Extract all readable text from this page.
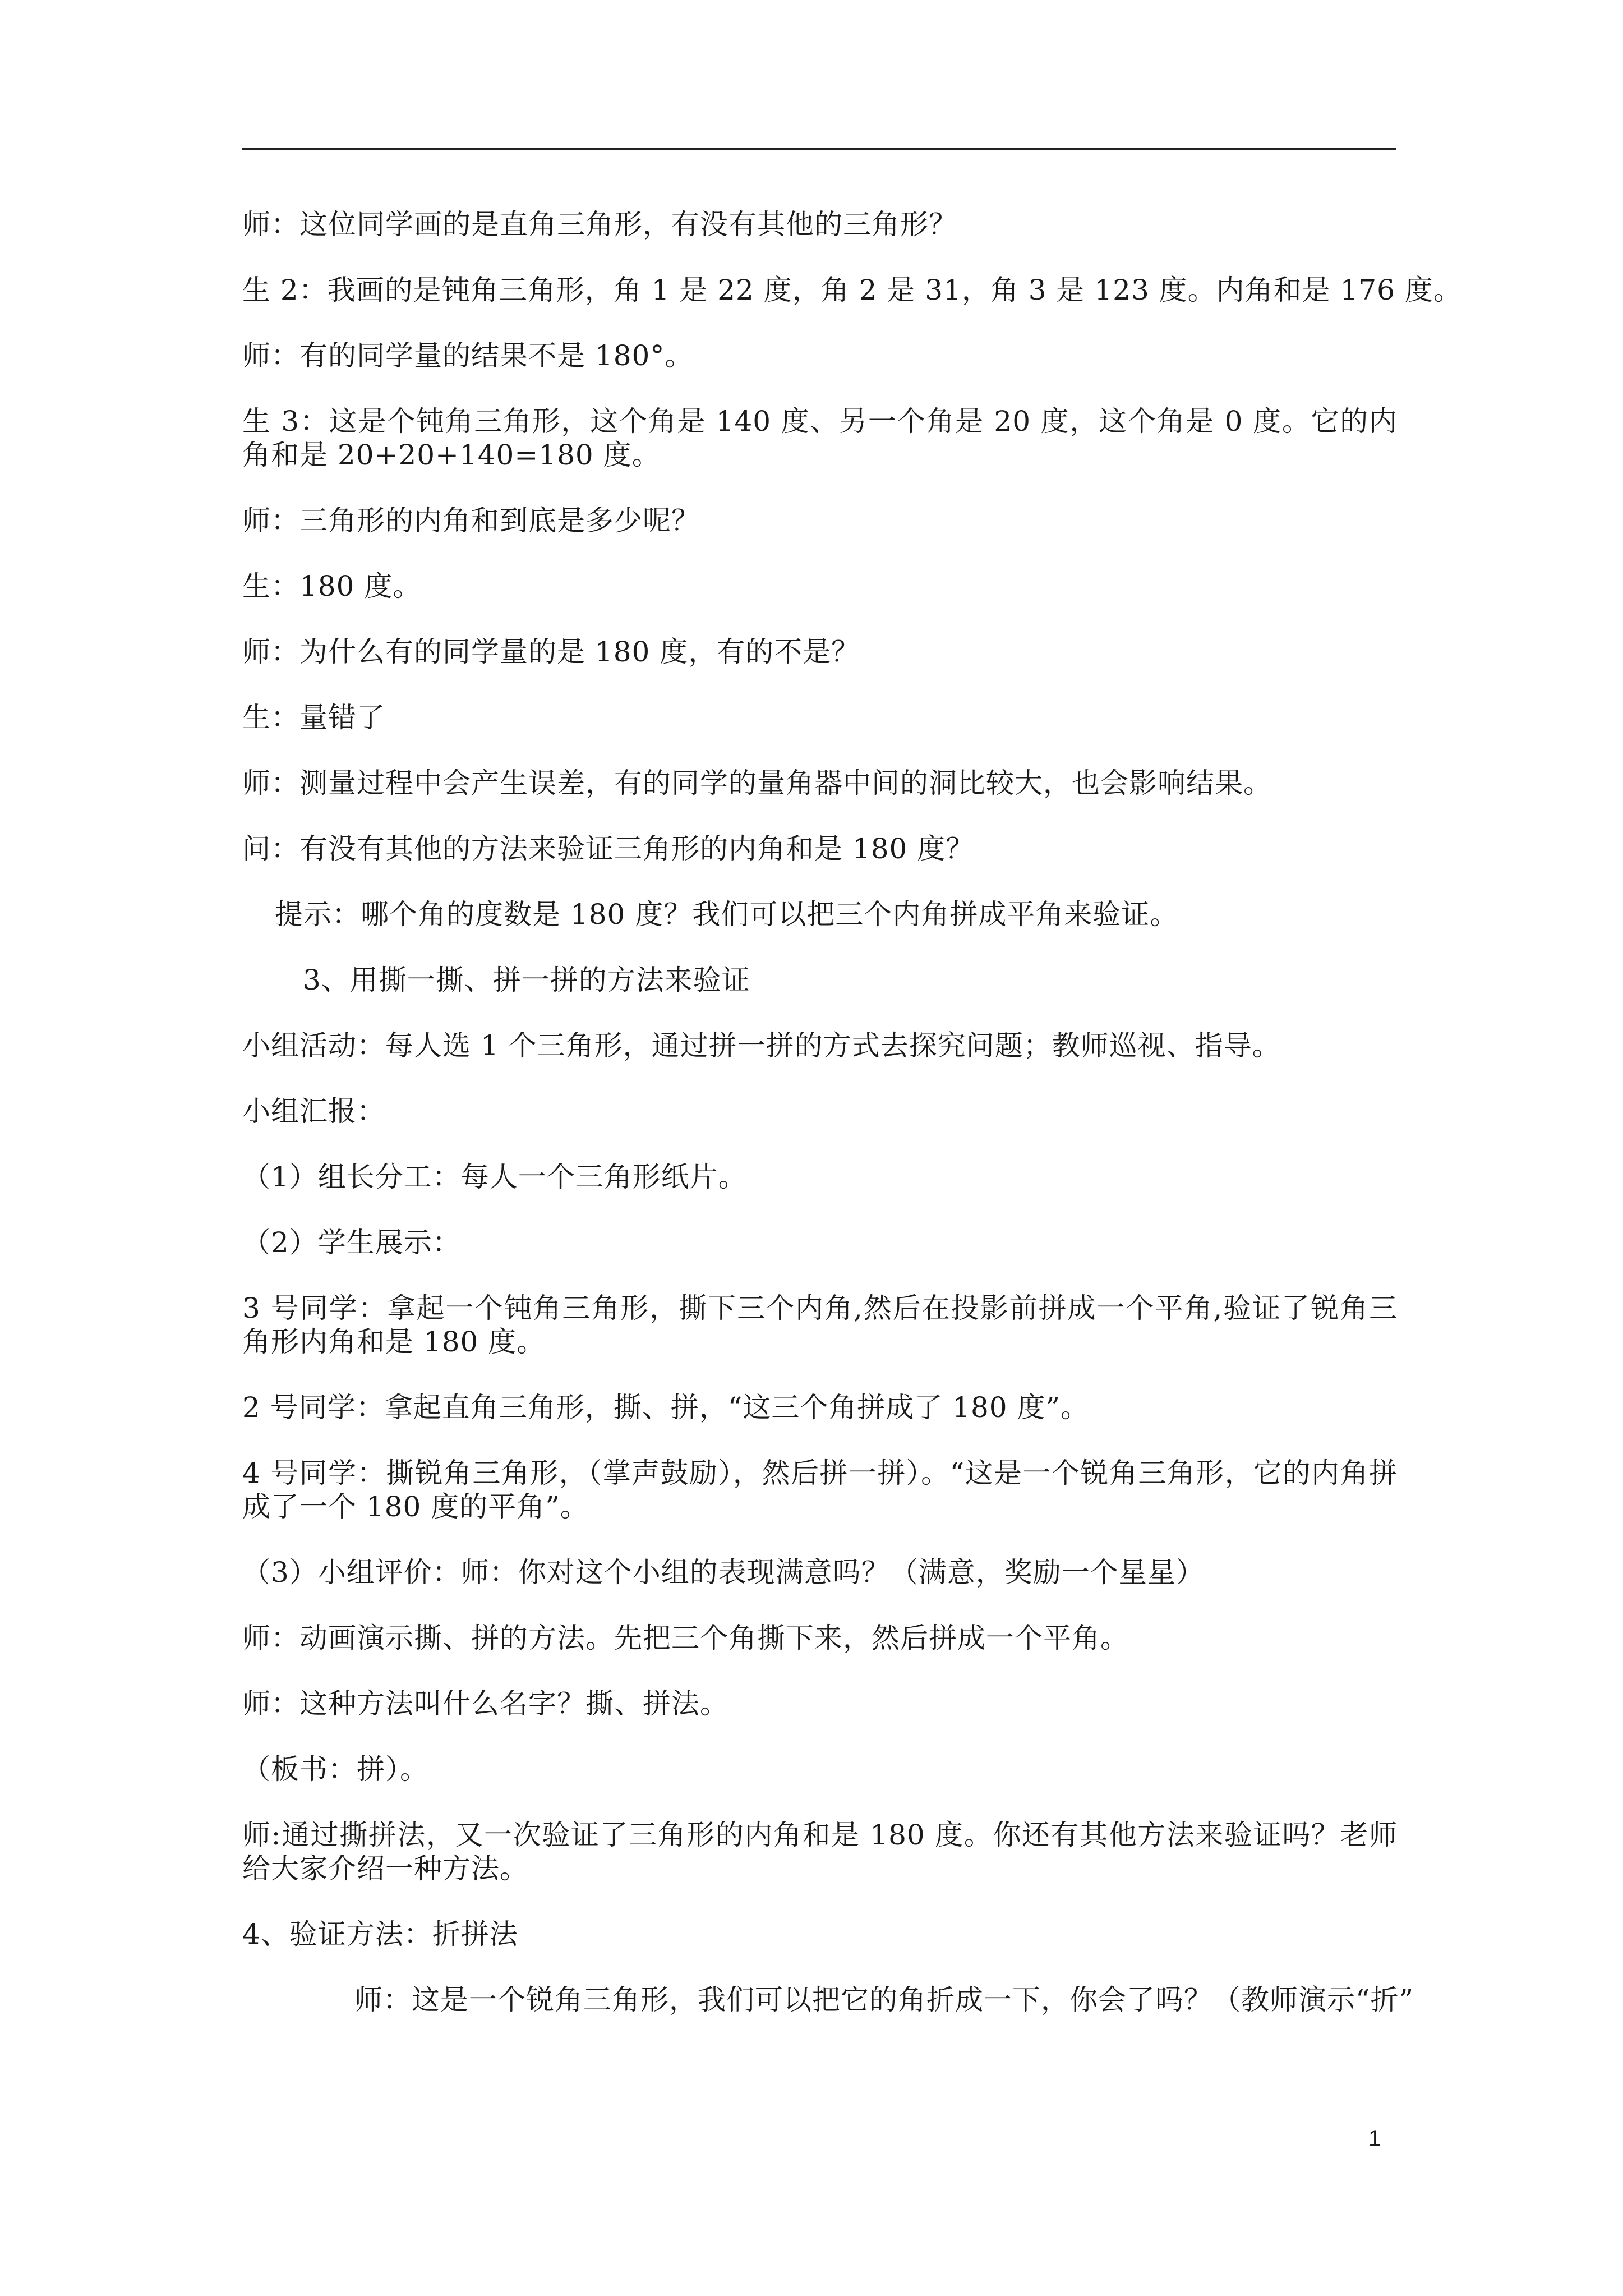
师：这位同学画的是直角三角形，有没有其他的三角形？

生 2：我画的是钝角三角形，角 1 是 22 度，角 2 是 31，角 3 是 123 度。内角和是 176 度。

师：有的同学量的结果不是 180°。

生 3：这是个钝角三角形，这个角是 140 度、另一个角是 20 度，这个角是 0 度。它的内角和是 20+20+140=180 度。

师：三角形的内角和到底是多少呢？

生：180 度。

师：为什么有的同学量的是 180 度，有的不是？

生：量错了

师：测量过程中会产生误差，有的同学的量角器中间的洞比较大，也会影响结果。

问：有没有其他的方法来验证三角形的内角和是 180 度？

提示：哪个角的度数是 180 度？我们可以把三个内角拼成平角来验证。

3、用撕一撕、拼一拼的方法来验证

小组活动：每人选 1 个三角形，通过拼一拼的方式去探究问题；教师巡视、指导。

小组汇报：

（1）组长分工：每人一个三角形纸片。

（2）学生展示：

3 号同学：拿起一个钝角三角形，撕下三个内角,然后在投影前拼成一个平角,验证了锐角三角形内角和是 180 度。

2 号同学：拿起直角三角形，撕、拼，“这三个角拼成了 180 度”。

4 号同学：撕锐角三角形，（掌声鼓励），然后拼一拼）。“这是一个锐角三角形，它的内角拼成了一个 180 度的平角”。

（3）小组评价：师：你对这个小组的表现满意吗？（满意，奖励一个星星）

师：动画演示撕、拼的方法。先把三个角撕下来，然后拼成一个平角。

师：这种方法叫什么名字？撕、拼法。

（板书：拼）。

师:通过撕拼法，又一次验证了三角形的内角和是 180 度。你还有其他方法来验证吗？老师给大家介绍一种方法。

4、验证方法：折拼法

师：这是一个锐角三角形，我们可以把它的角折成一下，你会了吗？（教师演示“折”

1
